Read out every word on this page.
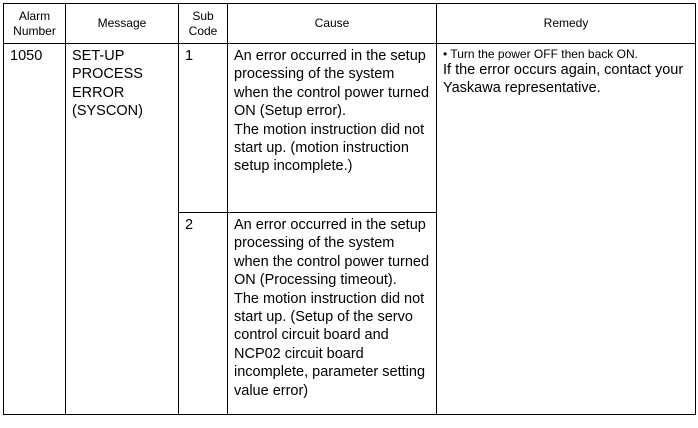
Alarm Number	Message	Sub Code	Cause	Remedy
1050	SET-UP PROCESS ERROR (SYSCON)	1	An error occurred in the setup processing of the system when the control power turned ON (Setup error).
The motion instruction did not start up. (motion instruction setup incomplete.)	• Turn the power OFF then back ON.
If the error occurs again, contact your Yaskawa representative.

		2	An error occurred in the setup processing of the system when the control power turned ON (Processing timeout).
The motion instruction did not start up. (Setup of the servo control circuit board and NCP02 circuit board incomplete, parameter setting value error)	
